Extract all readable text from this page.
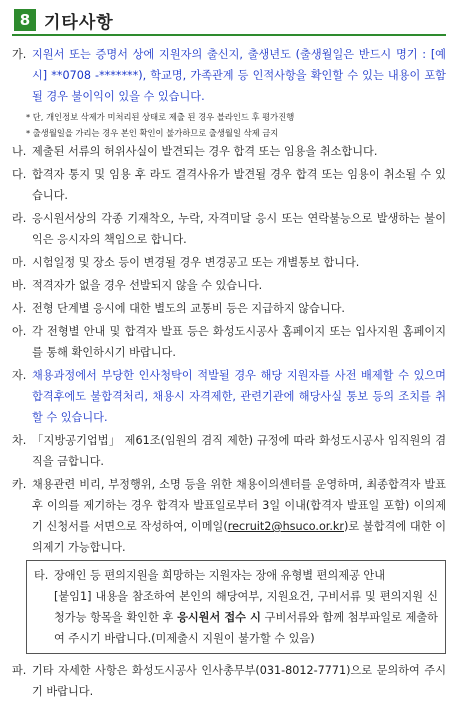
8 기타사항
가. 지원서 또는 증명서 상에 지원자의 출신지, 출생년도 (출생월일은 반드시 명기 : [예시] **0708 -*******), 학교명, 가족관계 등 인적사항을 확인할 수 있는 내용이 포함될 경우 불이익이 있을 수 있습니다.
* 단, 개인정보 삭제가 미처리된 상태로 제출 된 경우 블라인드 후 평가진행
* 출생월일을 가리는 경우 본인 확인이 불가하므로 출생월일 삭제 금지
나. 제출된 서류의 허위사실이 발견되는 경우 합격 또는 임용을 취소합니다.
다. 합격자 통지 및 임용 후 라도 결격사유가 발견될 경우 합격 또는 임용이 취소될 수 있습니다.
라. 응시원서상의 각종 기재착오, 누락, 자격미달 응시 또는 연락불능으로 발생하는 불이익은 응시자의 책임으로 합니다.
마. 시험일정 및 장소 등이 변경될 경우 변경공고 또는 개별통보 합니다.
바. 적격자가 없을 경우 선발되지 않을 수 있습니다.
사. 전형 단계별 응시에 대한 별도의 교통비 등은 지급하지 않습니다.
아. 각 전형별 안내 및 합격자 발표 등은 화성도시공사 홈페이지 또는 입사지원 홈페이지를 통해 확인하시기 바랍니다.
자. 채용과정에서 부당한 인사청탁이 적발될 경우 해당 지원자를 사전 배제할 수 있으며 합격후에도 불합격처리, 채용시 자격제한, 관련기관에 해당사실 통보 등의 조치를 취할 수 있습니다.
차. 「지방공기업법」 제61조(임원의 겸직 제한) 규정에 따라 화성도시공사 임직원의 겸직을 금합니다.
카. 채용관련 비리, 부정행위, 소명 등을 위한 채용이의센터를 운영하며, 최종합격자 발표 후 이의를 제기하는 경우 합격자 발표일로부터 3일 이내(합격자 발표일 포함) 이의제기 신청서를 서면으로 작성하여, 이메일(recruit2@hsuco.or.kr)로 불합격에 대한 이의제기 가능합니다.
타. 장애인 등 편의지원을 희망하는 지원자는 장애 유형별 편의제공 안내
[붙임1] 내용을 참조하여 본인의 해당여부, 지원요건, 구비서류 및 편의지원 신청가능 항목을 확인한 후 응시원서 접수 시 구비서류와 함께 첨부파일로 제출하여 주시기 바랍니다.(미제출시 지원이 불가할 수 있음)
파. 기타 자세한 사항은 화성도시공사 인사총무부(031-8012-7771)으로 문의하여 주시기 바랍니다.
